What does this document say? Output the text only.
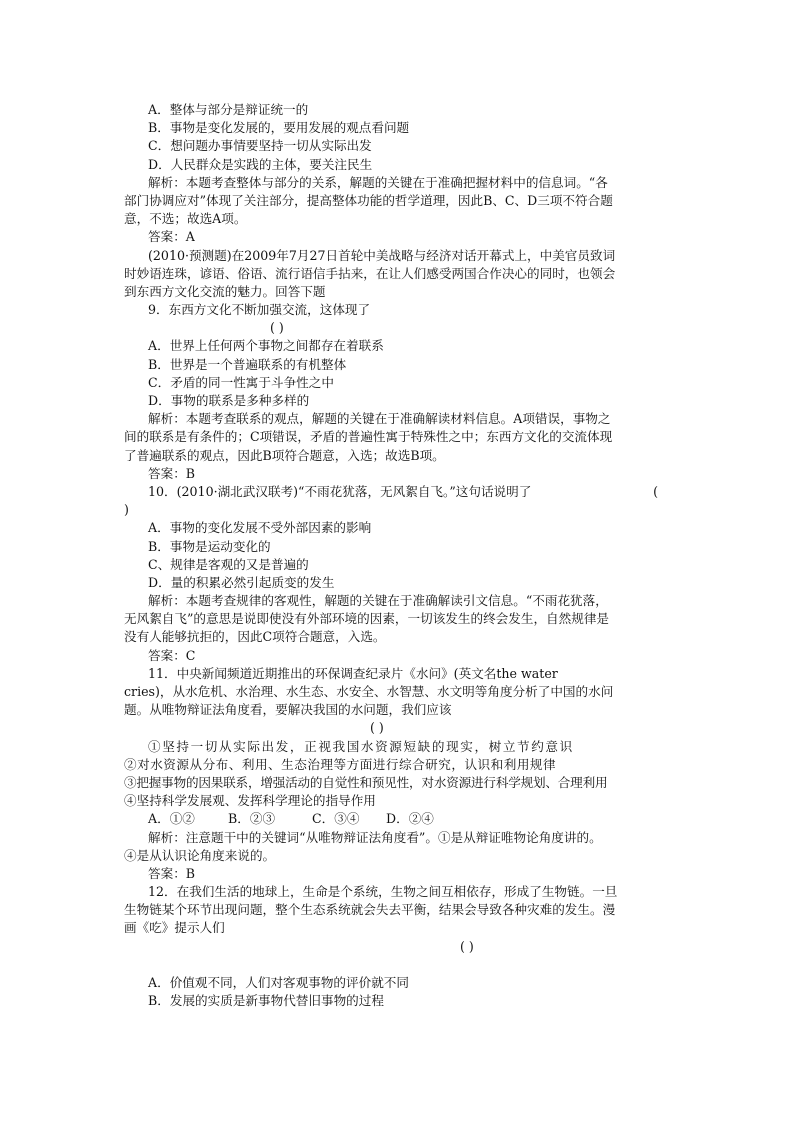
A．整体与部分是辩证统一的
B．事物是变化发展的，要用发展的观点看问题
C．想问题办事情要坚持一切从实际出发
D．人民群众是实践的主体，要关注民生
解析：本题考查整体与部分的关系，解题的关键在于准确把握材料中的信息词。“各
部门协调应对”体现了关注部分，提高整体功能的哲学道理，因此B、C、D三项不符合题
意，不选；故选A项。
答案：A
(2010·预测题)在2009年7月27日首轮中美战略与经济对话开幕式上，中美官员致词
时妙语连珠，谚语、俗语、流行语信手拈来，在让人们感受两国合作决心的同时，也领会
到东西方文化交流的魅力。回答下题
9．东西方文化不断加强交流，这体现了
( )
A．世界上任何两个事物之间都存在着联系
B．世界是一个普遍联系的有机整体
C．矛盾的同一性寓于斗争性之中
D．事物的联系是多种多样的
解析：本题考查联系的观点，解题的关键在于准确解读材料信息。A项错误，事物之
间的联系是有条件的；C项错误，矛盾的普遍性寓于特殊性之中；东西方文化的交流体现
了普遍联系的观点，因此B项符合题意，入选；故选B项。
答案：B
10．(2010·湖北武汉联考)“不雨花犹落，无风絮自飞。”这句话说明了	(
)
A．事物的变化发展不受外部因素的影响
B．事物是运动变化的
C、规律是客观的又是普遍的
D．量的积累必然引起质变的发生
解析：本题考查规律的客观性，解题的关键在于准确解读引文信息。“不雨花犹落，
无风絮自飞”的意思是说即使没有外部环境的因素，一切该发生的终会发生，自然规律是
没有人能够抗拒的，因此C项符合题意，入选。
答案：C
11．中央新闻频道近期推出的环保调查纪录片《水问》(英文名the water
cries)，从水危机、水治理、水生态、水安全、水智慧、水文明等角度分析了中国的水问
题。从唯物辩证法角度看，要解决我国的水问题，我们应该
( )
①坚持一切从实际出发，正视我国水资源短缺的现实，树立节约意识
②对水资源从分布、利用、生态治理等方面进行综合研究，认识和利用规律
③把握事物的因果联系，增强活动的自觉性和预见性，对水资源进行科学规划、合理利用
④坚持科学发展观、发挥科学理论的指导作用
A．①②	B．②③	C．③④ D．②④
解析：注意题干中的关键词“从唯物辩证法角度看”。①是从辩证唯物论角度讲的。
④是从认识论角度来说的。
答案：B
12．在我们生活的地球上，生命是个系统，生物之间互相依存，形成了生物链。一旦
生物链某个环节出现问题，整个生态系统就会失去平衡，结果会导致各种灾难的发生。漫
画《吃》提示人们
( )
A．价值观不同，人们对客观事物的评价就不同
B．发展的实质是新事物代替旧事物的过程
